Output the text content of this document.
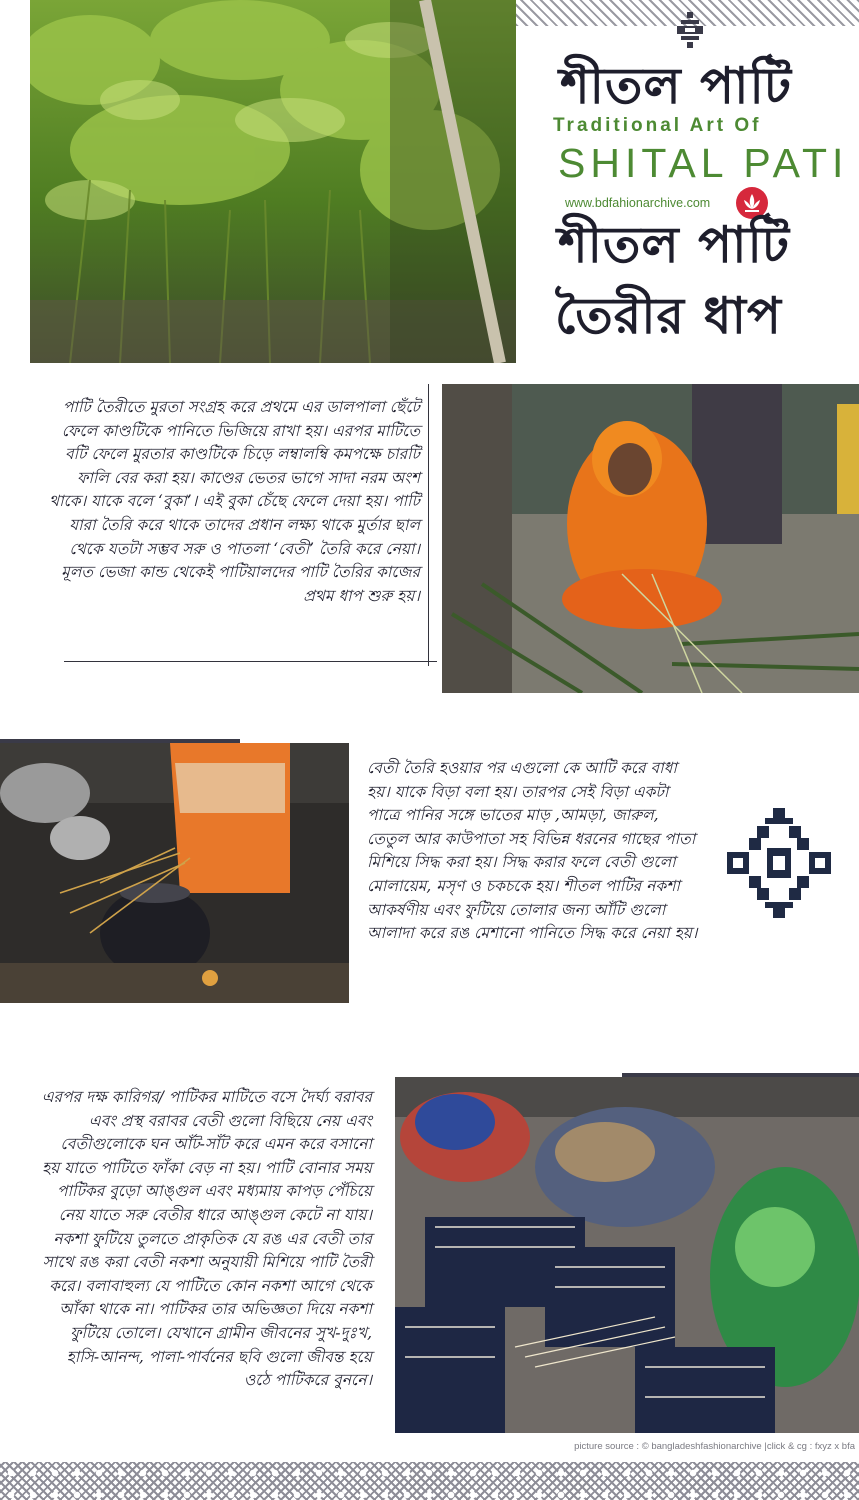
শীতল পাটি
Traditional Art Of
SHITAL PATI
www.bdfahionarchive.com
শীতল পাটি
তৈরীর ধাপ
পাটি তৈরীতে মুরতা সংগ্রহ করে প্রথমে এর ডালপালা ছেঁটে ফেলে কাণ্ডটিকে পানিতে ভিজিয়ে রাখা হয়। এরপর মাটিতে বটি ফেলে মুরতার কাণ্ডটিকে চিড়ে লম্বালম্বি কমপক্ষে চারটি ফালি বের করা হয়। কাণ্ডের ভেতর ভাগে সাদা নরম অংশ থাকে। যাকে বলে ‘বুকা’। এই বুকা চেঁছে ফেলে দেয়া হয়। পাটি যারা তৈরি করে থাকে তাদের প্রধান লক্ষ্য থাকে মুর্তার ছাল থেকে যতটা সম্ভব সরু ও পাতলা ‘বেতী’ তৈরি করে নেয়া। মূলত ভেজা কান্ড থেকেই পাটিয়ালদের পাটি তৈরির কাজের প্রথম ধাপ শুরু হয়।
বেতী তৈরি হওয়ার পর এগুলো কে আটি করে বাধা হয়। যাকে বিড়া বলা হয়। তারপর সেই বিড়া একটা পাত্রে পানির সঙ্গে ভাতের মাড় ,আমড়া, জারুল, তেতুল আর কাউপাতা সহ বিভিন্ন ধরনের গাছের পাতা মিশিয়ে সিদ্ধ করা হয়। সিদ্ধ করার ফলে বেতী গুলো মোলায়েম, মসৃণ ও চকচকে হয়। শীতল পাটির নকশা আকর্ষণীয় এবং ফুটিয়ে তোলার জন্য আঁটি গুলো আলাদা করে রঙ মেশানো পানিতে সিদ্ধ করে নেয়া হয়।
এরপর দক্ষ কারিগর/ পাটিকর মাটিতে বসে দৈর্ঘ্য বরাবর এবং প্রস্থ বরাবর বেতী গুলো বিছিয়ে নেয় এবং বেতীগুলোকে ঘন আঁট-সাঁট করে এমন করে বসানো হয় যাতে পাটিতে ফাঁকা বেড় না হয়। পাটি বোনার সময় পাটিকর বুড়ো আঙ্গুল এবং মধ্যমায় কাপড় পেঁচিয়ে নেয় যাতে সরু বেতীর ধারে আঙ্গুল কেটে না যায়। নকশা ফুটিয়ে তুলতে প্রাকৃতিক যে রঙ এর বেতী তার সাথে রঙ করা বেতী নকশা অনুযায়ী মিশিয়ে পাটি তৈরী করে। বলাবাহুল্য যে পাটিতে কোন নকশা আগে থেকে আঁকা থাকে না। পাটিকর তার অভিজ্ঞতা দিয়ে নকশা ফুটিয়ে তোলে। যেখানে গ্রামীন জীবনের সুখ-দুঃখ, হাসি-আনন্দ, পালা-পার্বনের ছবি গুলো জীবন্ত হয়ে ওঠে পাটিকরে বুননে।
picture source : © bangladeshfashionarchive |click & cg : fxyz x bfa
